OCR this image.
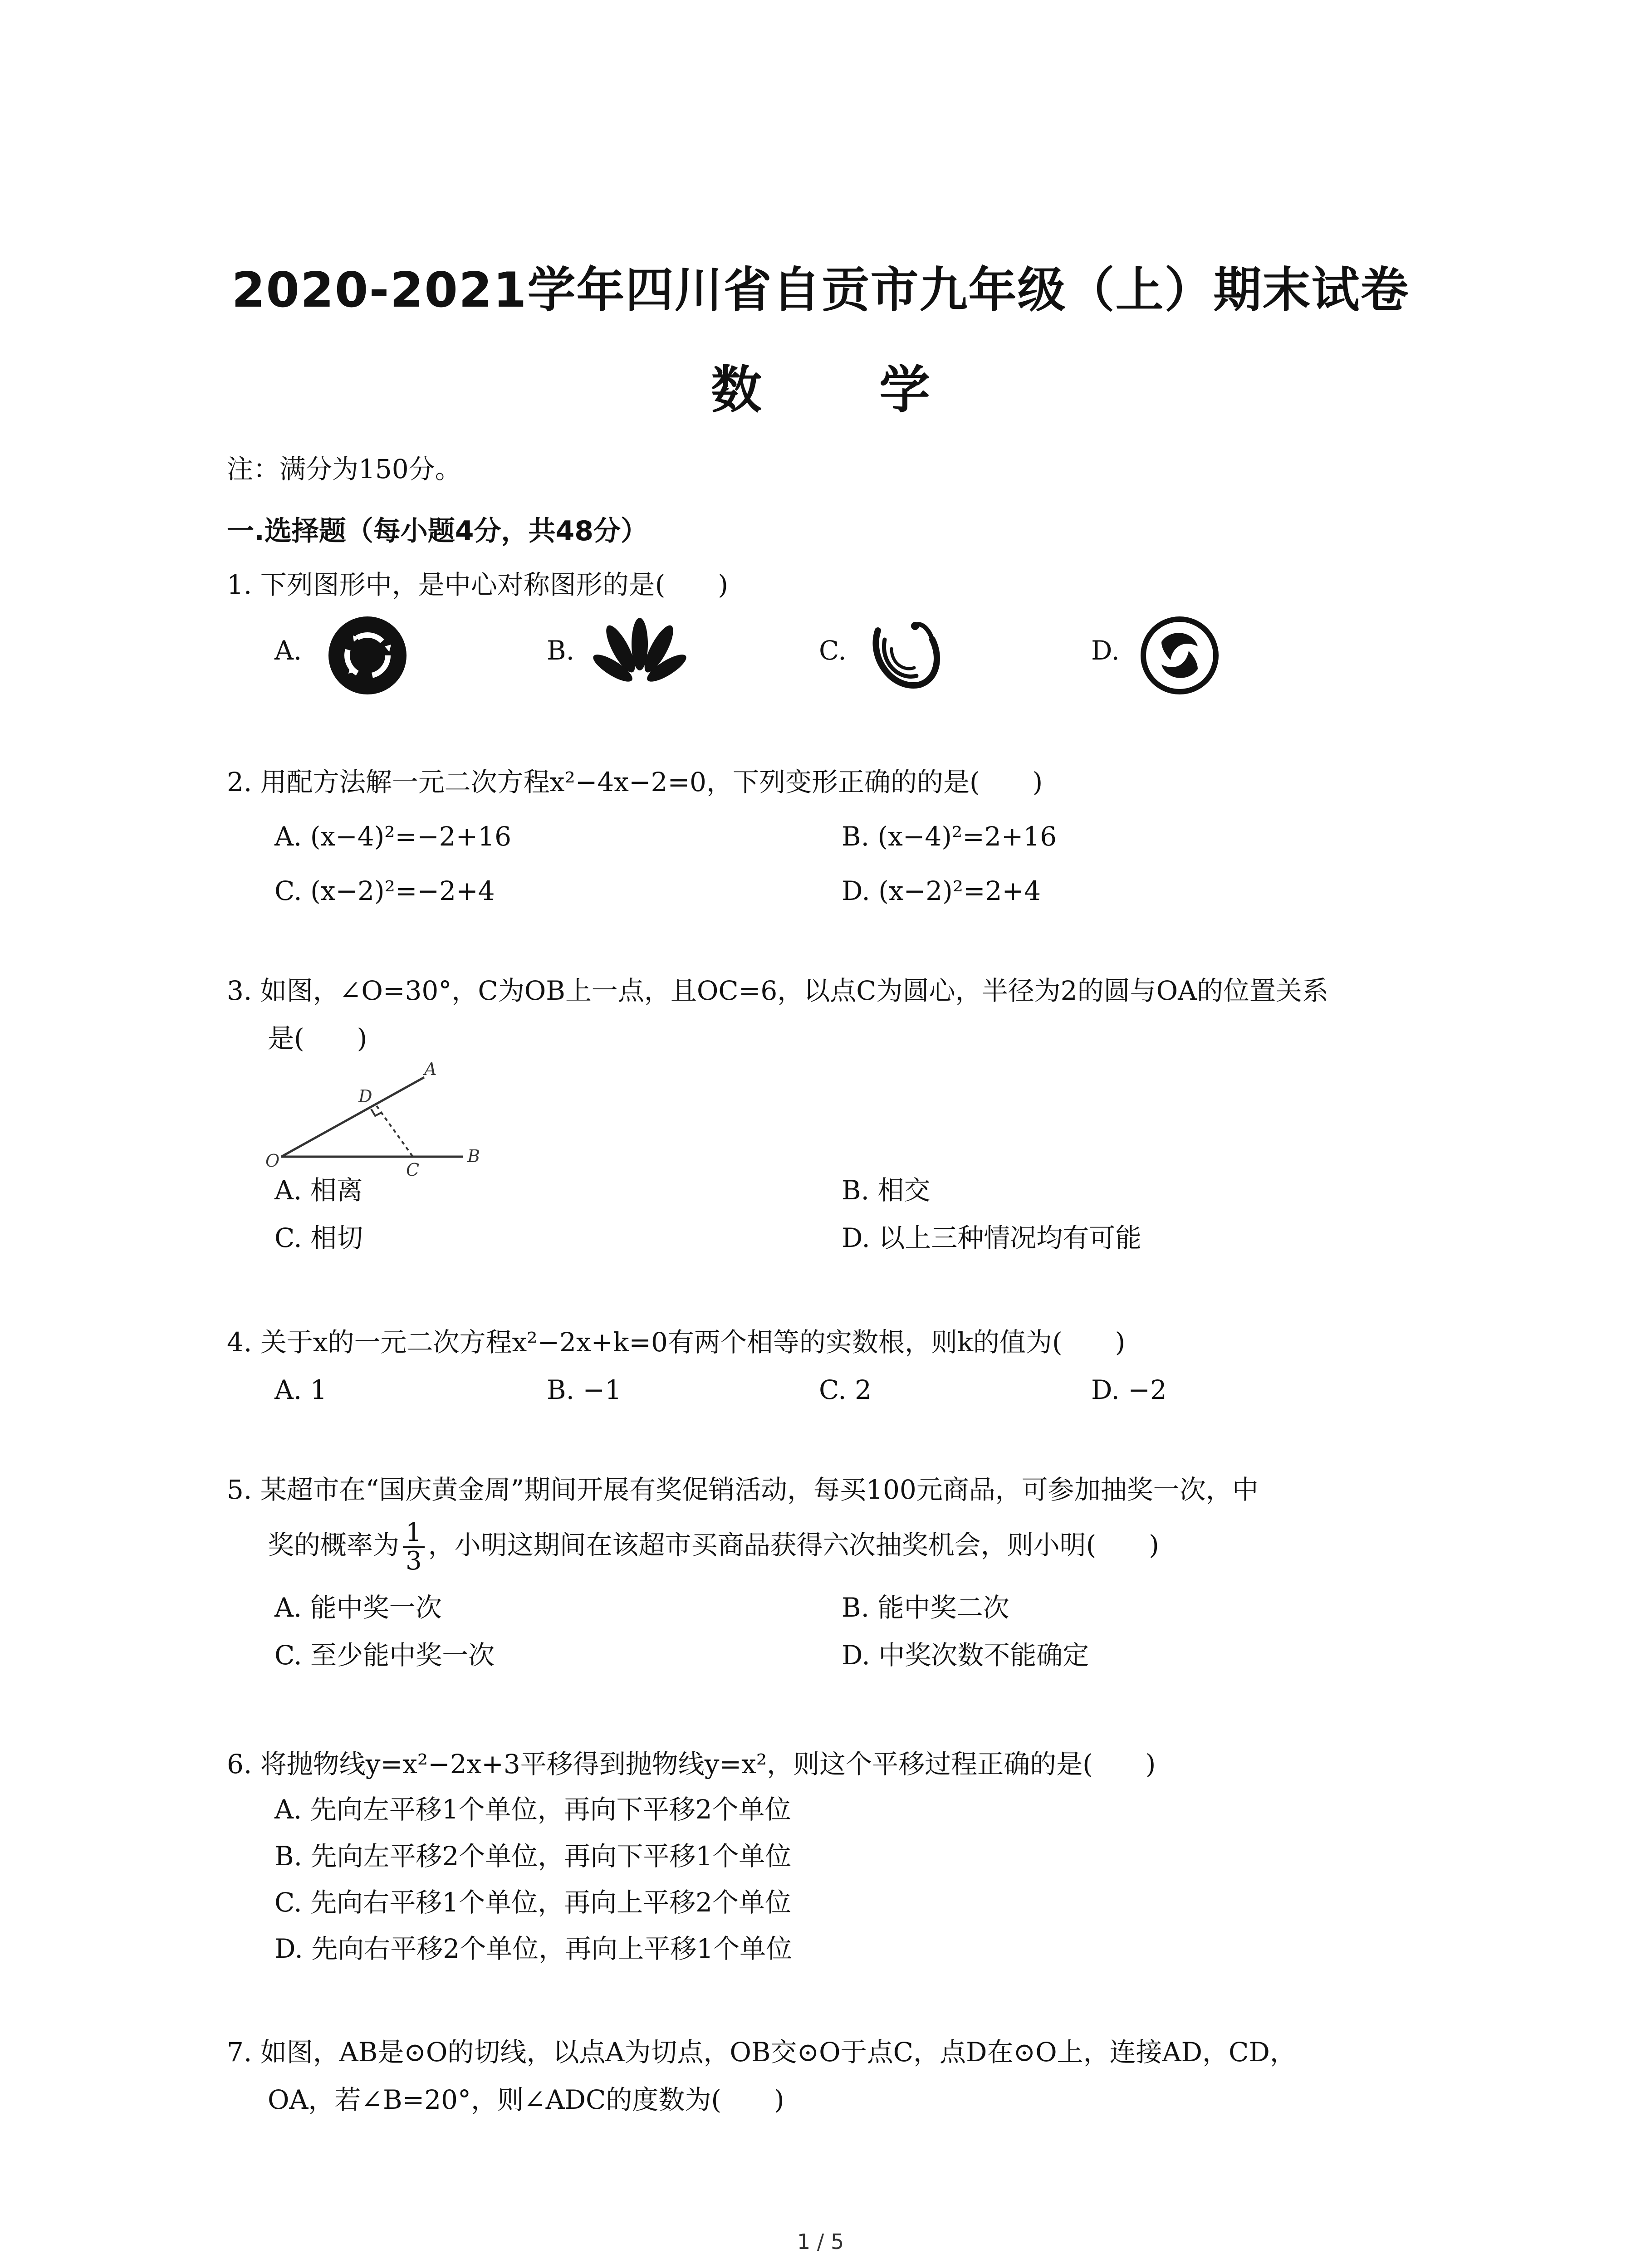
2020-2021学年四川省自贡市九年级（上）期末试卷
数 学
注：满分为150分。
一.选择题（每小题4分，共48分）
1. 下列图形中，是中心对称图形的是(　　)
A.	B.	C.	D.
2. 用配方法解一元二次方程x²−4x−2=0，下列变形正确的的是(　　)
A. (x−4)²=−2+16	B. (x−4)²=2+16
C. (x−2)²=−2+4	D. (x−2)²=2+4
3. 如图，∠O=30°，C为OB上一点，且OC=6，以点C为圆心，半径为2的圆与OA的位置关系
是(　　)
O
D
A
C
B
A. 相离	B. 相交
C. 相切	D. 以上三种情况均有可能
4. 关于x的一元二次方程x²−2x+k=0有两个相等的实数根，则k的值为(　　)
A. 1	B. −1	C. 2	D. −2
5. 某超市在“国庆黄金周”期间开展有奖促销活动，每买100元商品，可参加抽奖一次，中
奖的概率为 $\frac{1}{3}$ ，小明这期间在该超市买商品获得六次抽奖机会，则小明(　　)
A. 能中奖一次	B. 能中奖二次
C. 至少能中奖一次	D. 中奖次数不能确定
6. 将抛物线y=x²−2x+3平移得到抛物线y=x²，则这个平移过程正确的是(　　)
A. 先向左平移1个单位，再向下平移2个单位
B. 先向左平移2个单位，再向下平移1个单位
C. 先向右平移1个单位，再向上平移2个单位
D. 先向右平移2个单位，再向上平移1个单位
7. 如图，AB是⊙O的切线，以点A为切点，OB交⊙O于点C，点D在⊙O上，连接AD，CD，
OA，若∠B=20°，则∠ADC的度数为(　　)
1 / 5
